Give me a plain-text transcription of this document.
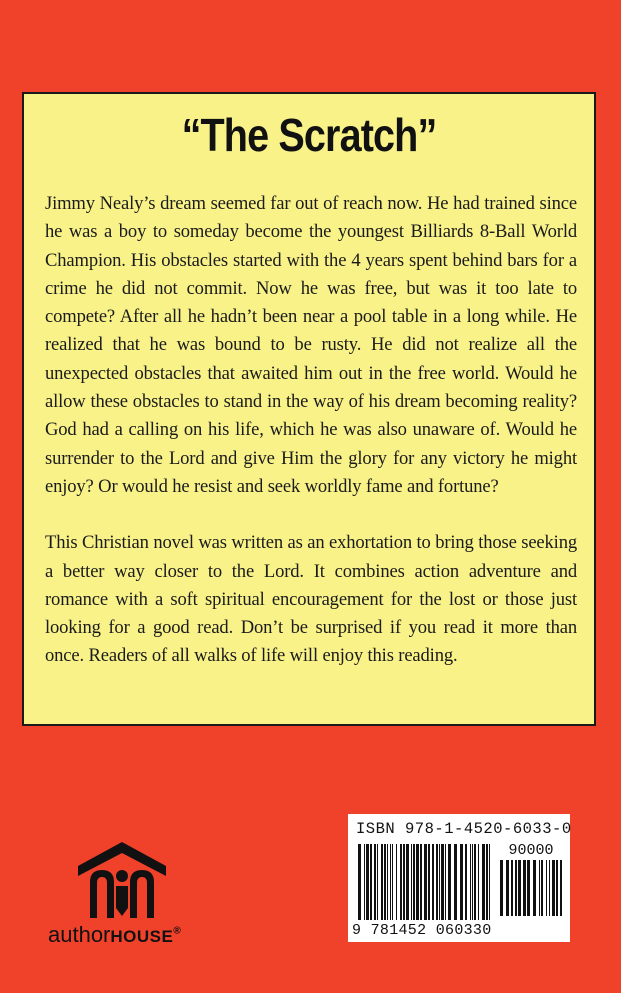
“The Scratch”

Jimmy Nealy’s dream seemed far out of reach now. He had trained since he was a boy to someday become the youngest Billiards 8-Ball World Champion. His obstacles started with the 4 years spent behind bars for a crime he did not commit. Now he was free, but was it too late to compete? After all he hadn’t been near a pool table in a long while. He realized that he was bound to be rusty. He did not realize all the unexpected obstacles that awaited him out in the free world. Would he allow these obstacles to stand in the way of his dream becoming reality? God had a calling on his life, which he was also unaware of. Would he surrender to the Lord and give Him the glory for any victory he might enjoy? Or would he resist and seek worldly fame and fortune?

This Christian novel was written as an exhortation to bring those seeking a better way closer to the Lord. It combines action adventure and romance with a soft spiritual encouragement for the lost or those just looking for a good read. Don’t be surprised if you read it more than once. Readers of all walks of life will enjoy this reading.

authorHOUSE®
ISBN 978-1-4520-6033-0
90000
9 781452 060330
